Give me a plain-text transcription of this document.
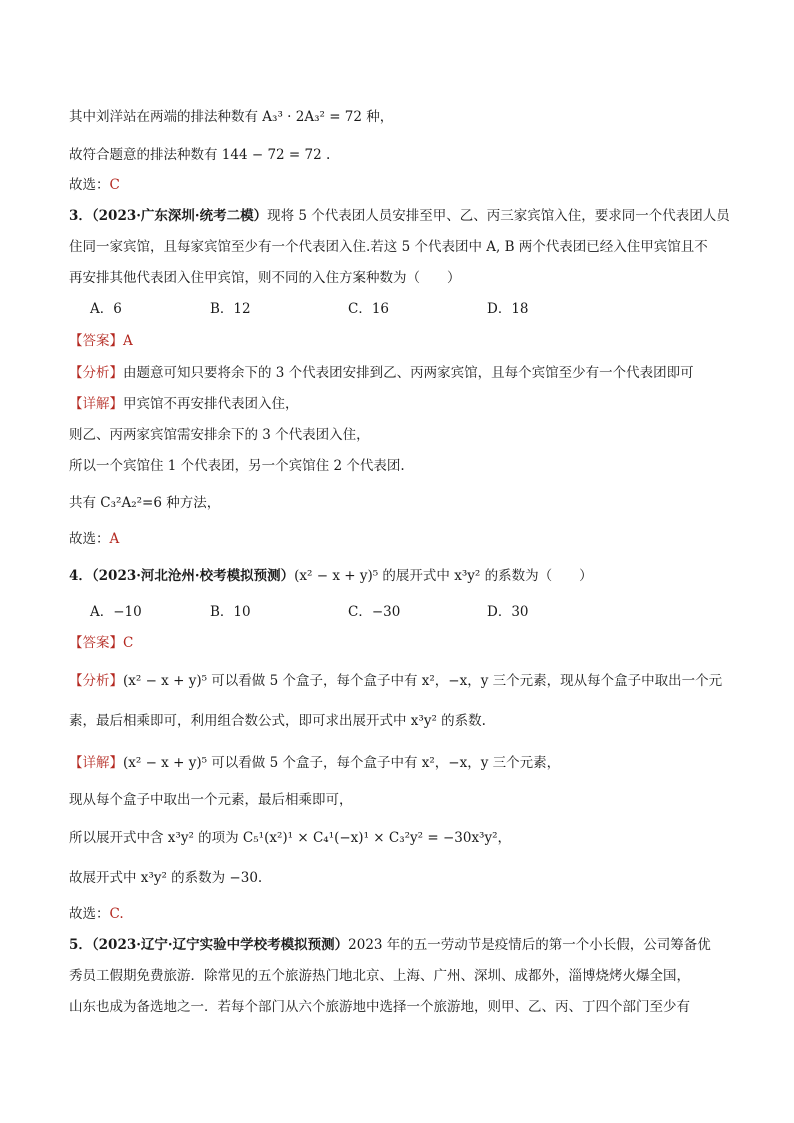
其中刘洋站在两端的排法种数有 A₃³ · 2A₃² = 72 种，
故符合题意的排法种数有 144 − 72 = 72 .
故选：C
3．（2023·广东深圳·统考二模）现将 5 个代表团人员安排至甲、乙、丙三家宾馆入住，要求同一个代表团人员
住同一家宾馆，且每家宾馆至少有一个代表团入住.若这 5 个代表团中 A, B 两个代表团已经入住甲宾馆且不
再安排其他代表团入住甲宾馆，则不同的入住方案种数为（　　）
A．6	B．12	C．16	D．18
【答案】A
【分析】由题意可知只要将余下的 3 个代表团安排到乙、丙两家宾馆，且每个宾馆至少有一个代表团即可
【详解】甲宾馆不再安排代表团入住，
则乙、丙两家宾馆需安排余下的 3 个代表团入住，
所以一个宾馆住 1 个代表团，另一个宾馆住 2 个代表团.
共有 C₃²A₂²=6 种方法，
故选：A
4．（2023·河北沧州·校考模拟预测）(x² − x + y)⁵ 的展开式中 x³y² 的系数为（　　）
A．−10	B．10	C．−30	D．30
【答案】C
【分析】(x² − x + y)⁵ 可以看做 5 个盒子，每个盒子中有 x²，−x，y 三个元素，现从每个盒子中取出一个元
素，最后相乘即可，利用组合数公式，即可求出展开式中 x³y² 的系数.
【详解】(x² − x + y)⁵ 可以看做 5 个盒子，每个盒子中有 x²，−x，y 三个元素，
现从每个盒子中取出一个元素，最后相乘即可，
所以展开式中含 x³y² 的项为 C₅¹(x²)¹ × C₄¹(−x)¹ × C₃²y² = −30x³y²，
故展开式中 x³y² 的系数为 −30.
故选：C.
5．（2023·辽宁·辽宁实验中学校考模拟预测）2023 年的五一劳动节是疫情后的第一个小长假，公司筹备优
秀员工假期免费旅游．除常见的五个旅游热门地北京、上海、广州、深圳、成都外，淄博烧烤火爆全国，
山东也成为备选地之一．若每个部门从六个旅游地中选择一个旅游地，则甲、乙、丙、丁四个部门至少有
